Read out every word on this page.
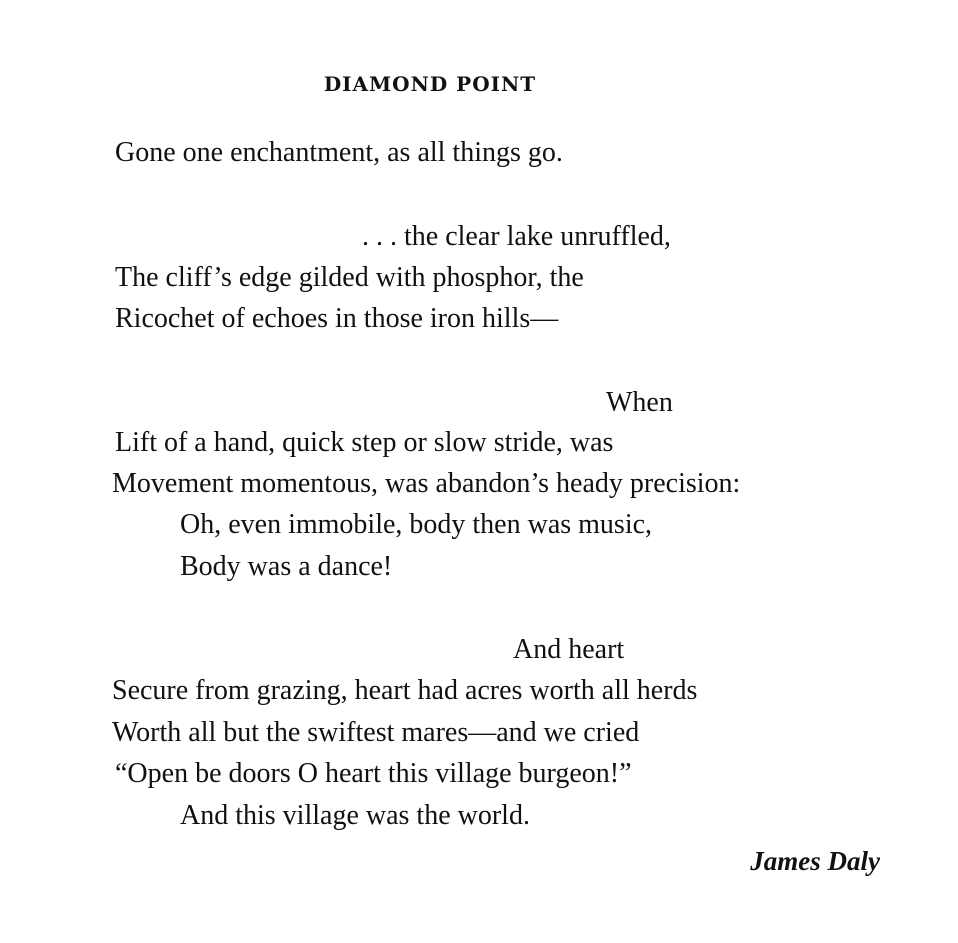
DIAMOND POINT
Gone one enchantment, as all things go.
. . . the clear lake unruffled,
The cliff’s edge gilded with phosphor, the
Ricochet of echoes in those iron hills—
When
Lift of a hand, quick step or slow stride, was
Movement momentous, was abandon’s heady precision:
Oh, even immobile, body then was music,
Body was a dance!
And heart
Secure from grazing, heart had acres worth all herds
Worth all but the swiftest mares—and we cried
“Open be doors O heart this village burgeon!”
And this village was the world.
James Daly
